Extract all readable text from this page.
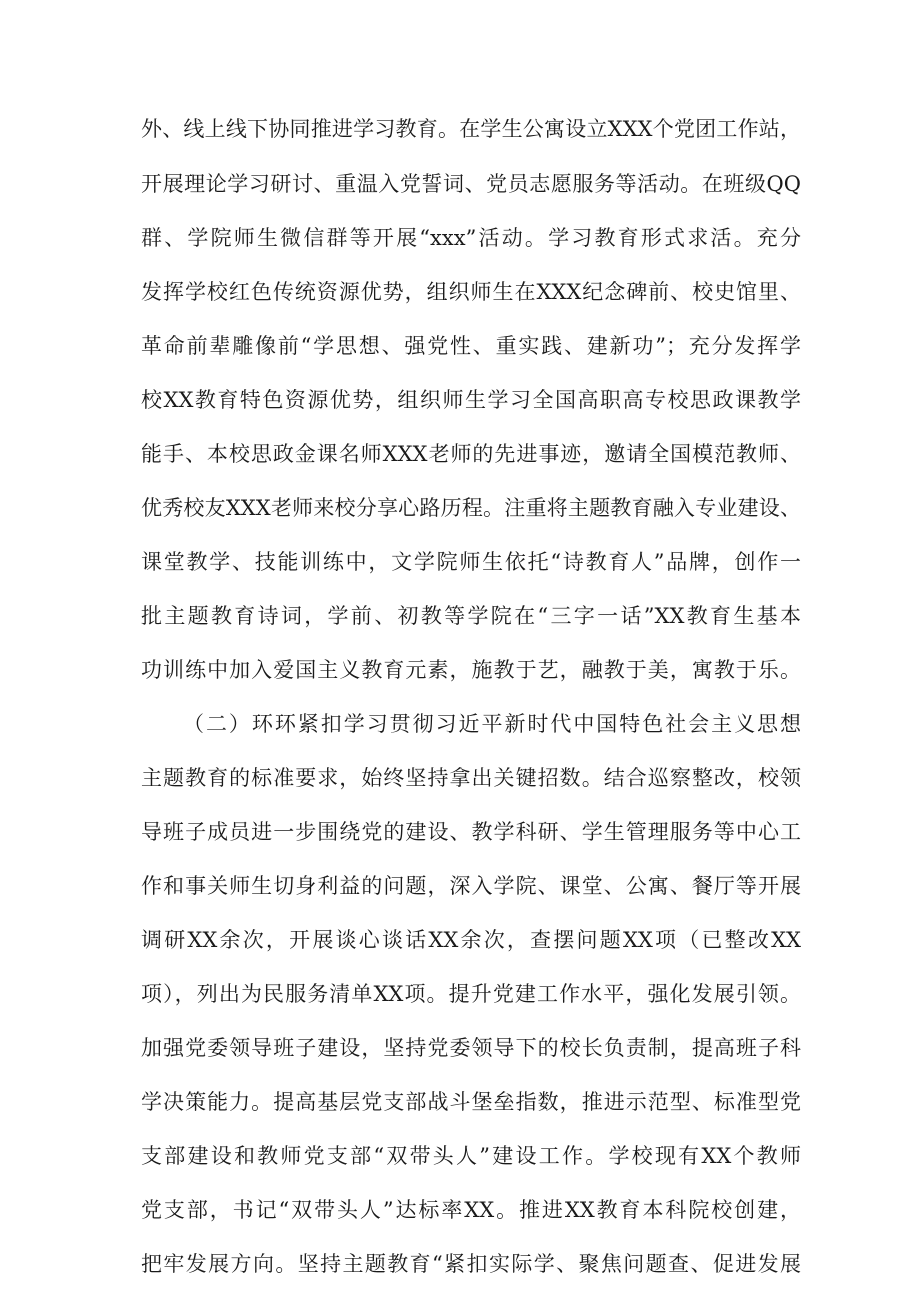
外、线上线下协同推进学习教育。在学生公寓设立XXX个党团工作站，
开展理论学习研讨、重温入党誓词、党员志愿服务等活动。在班级QQ
群、学院师生微信群等开展“xxx”活动。学习教育形式求活。充分
发挥学校红色传统资源优势，组织师生在XXX纪念碑前、校史馆里、
革命前辈雕像前“学思想、强党性、重实践、建新功”；充分发挥学
校XX教育特色资源优势，组织师生学习全国高职高专校思政课教学
能手、本校思政金课名师XXX老师的先进事迹，邀请全国模范教师、
优秀校友XXX老师来校分享心路历程。注重将主题教育融入专业建设、
课堂教学、技能训练中，文学院师生依托“诗教育人”品牌，创作一
批主题教育诗词，学前、初教等学院在“三字一话”XX教育生基本
功训练中加入爱国主义教育元素，施教于艺，融教于美，寓教于乐。
（二）环环紧扣学习贯彻习近平新时代中国特色社会主义思想
主题教育的标准要求，始终坚持拿出关键招数。结合巡察整改，校领
导班子成员进一步围绕党的建设、教学科研、学生管理服务等中心工
作和事关师生切身利益的问题，深入学院、课堂、公寓、餐厅等开展
调研XX余次，开展谈心谈话XX余次，查摆问题XX项（已整改XX
项），列出为民服务清单XX项。提升党建工作水平，强化发展引领。
加强党委领导班子建设，坚持党委领导下的校长负责制，提高班子科
学决策能力。提高基层党支部战斗堡垒指数，推进示范型、标准型党
支部建设和教师党支部“双带头人”建设工作。学校现有XX个教师
党支部，书记“双带头人”达标率XX。推进XX教育本科院校创建，
把牢发展方向。坚持主题教育“紧扣实际学、聚焦问题查、促进发展
